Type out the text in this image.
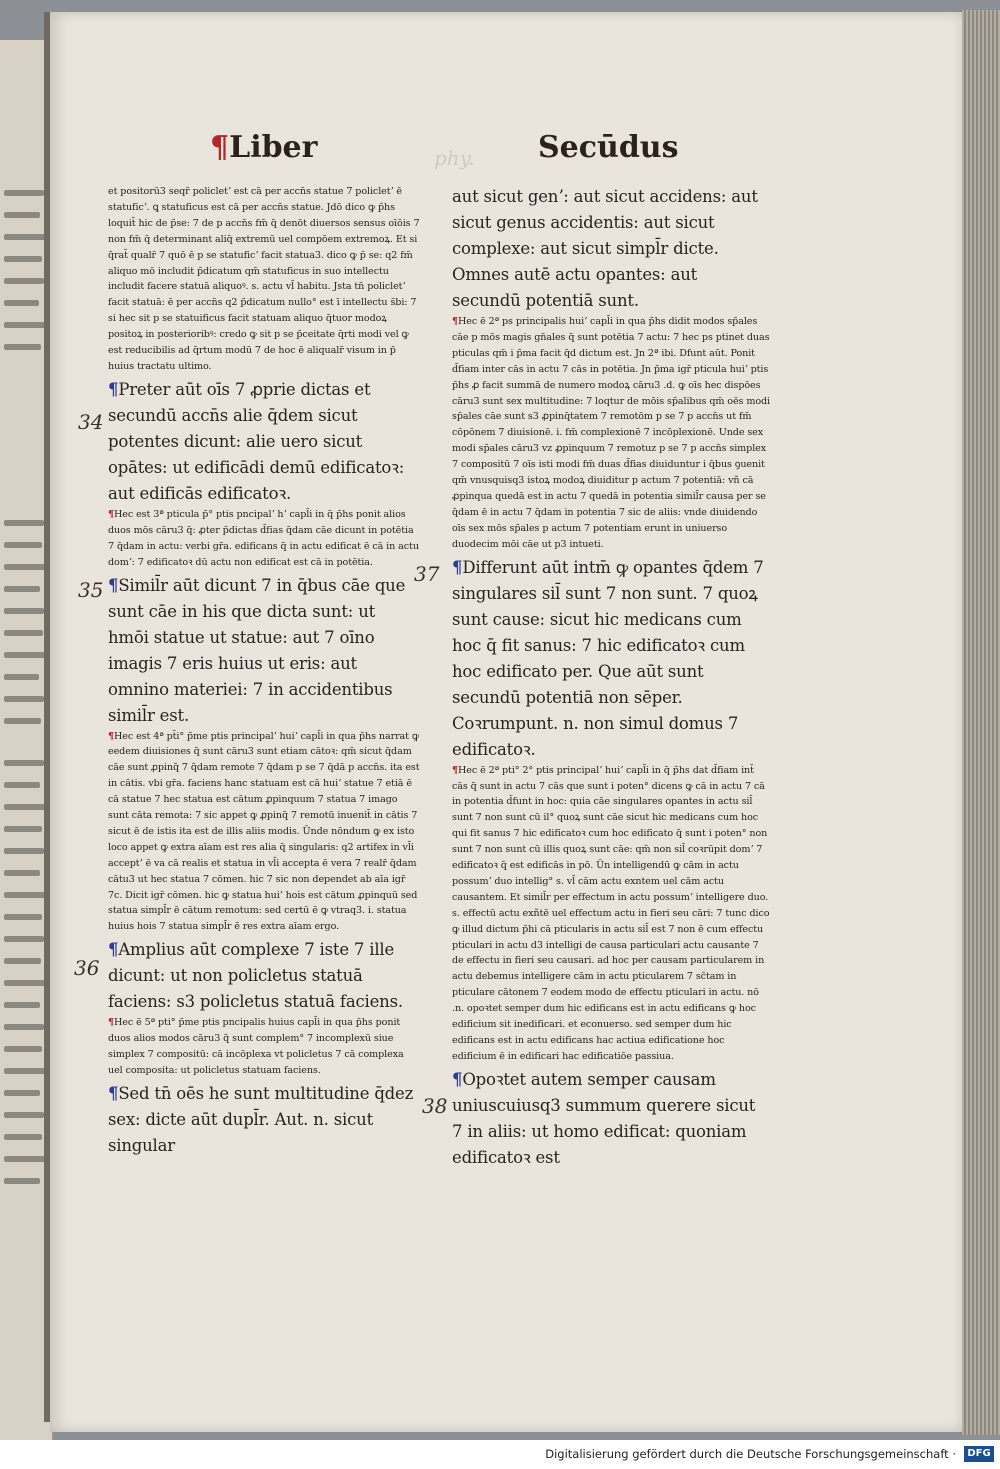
¶Liber	phy. Secūdus
34
35
36
37
38

et positorū3 seqr̄ policletʼ est cā per accn̄s statue 7 policletʼ ē statuficʼ. ꝗ statuficus est cā per accn̄s statue. Jdō dico ꝙ p̄hs loquit̄ hic de p̄se: 7 de p accn̄s fm̄ q̄ denōt diuersos sensus oīōis 7 non fm̄ q̄ determinant aliq̄ extremū uel compōem extremoꝝ. Et si q̄rat̄ qualr̄ 7 quō ē p se statuficʼ facit statua3. dico ꝙ p̄ se: q2 fm̄ aliquo mō includit p̄dicatum qm̄ statuficus in suo intellectu includit facere statuā aliquoꝰ. s. actu vl̄ habitu. Jsta tn̄ policletʼ facit statuā: ē per accn̄s q2 p̄dicatum nullo° est ī intellectu s̄bi: 7 si hec sit p se statuificus facit statuam aliquo q̄tuor modoꝝ positoꝝ in posterioribꝰ: credo ꝙ sit p se p̄ceitate q̄rti modi vel ꝙ est reducibilis ad q̄rtum modū 7 de hoc ē aliqualr̄ visum in p̄ huius tractatu ultimo.

¶Preter aūt oīs 7 ꝓprie dictas et secundū accn̄s alie q̄dem sicut potentes dicunt: alie uero sicut opātes: ut edificādi demū edificatoꝛ: aut edificās edificatoꝛ.

¶Hec est 3ª pticula p̄° ptis pncipalʼ hʼ capl̄i in q̄ p̄hs ponit alios duos mōs cāru3 q̄: ꝓter p̄dictas d̄fias q̄dam cāe dicunt in potētia 7 q̄dam in actu: verbi gr̄a. edificans q̄ in actu edificat ē cā in actu domʼ: 7 edificatoꝛ dū actu non edificat est cā in potētia.

¶Simil̄r aūt dicunt 7 in q̄bus cāe que sunt cāe in his que dicta sunt: ut hmōi statue ut statue: aut 7 oīno imagis 7 eris huius ut eris: aut omnino materiei: 7 in accidentibus simil̄r est.

¶Hec est 4ª pt̄i° p̄me ptis principalʼ huiʼ capl̄i in qua p̄hs narrat ꝙ eedem diuisiones q̄ sunt cāru3 sunt etiam cātoꝛ: qm̄ sicut q̄dam cāe sunt ꝓpinq̄ 7 q̄dam remote 7 q̄dam p se 7 q̄dā p accn̄s. ita est in cātis. vbi gr̄a. faciens hanc statuam est cā huiʼ statue 7 etiā ē cā statue 7 hec statua est cātum ꝓpinquum 7 statua 7 imago sunt cāta remota: 7 sic appet ꝙ ꝓpinq̄ 7 remotū inuenit̄ in cātis 7 sicut ē de istis ita est de illis aliis modis. Ūnde nōndum ꝙ ex isto loco appet ꝙ extra aīam est res alia q̄ singularis: q2 artifex in vl̄i acceptʼ ē va cā realis et statua in vl̄i accepta ē vera 7 realr̄ q̄dam cātu3 ut hec statua 7 cōmen. hic 7 sic non dependet ab aīa igr̄ 7c. Dicit igr̄ cōmen. hic ꝙ statua huiʼ hois est cātum ꝓpinquū sed statua simpl̄r ē cātum remotum: sed certū ē ꝙ vtraq3. i. statua huius hois 7 statua simpl̄r ē res extra aīam ergo.

¶Amplius aūt complexe 7 iste 7 ille dicunt: ut non policletus statuā faciens: s3 policletus statuā faciens.

¶Hec ē 5ª pti° p̄me ptis pncipalis huius capl̄i in qua p̄hs ponit duos alios modos cāru3 q̄ sunt complem° 7 incomplexū siue simplex 7 compositū: cā incōplexa vt policletus 7 cā complexa uel composita: ut policletus statuam faciens.

¶Sed tn̄ oēs he sunt multitudine q̄dez sex: dicte aūt dupl̄r. Aut. n. sicut singular

aut sicut genʼ: aut sicut accidens: aut sicut genus accidentis: aut sicut complexe: aut sicut simpl̄r dicte. Omnes autē actu opantes: aut secundū potentiā sunt.

¶Hec ē 2ª ps principalis huiʼ capl̄i in qua p̄hs didit modos sp̄ales cāe p mōs magis gn̄ales q̄ sunt potētia 7 actu: 7 hec ps ptinet duas pticulas qm̄ i p̄ma facit q̄d dictum est. Jn 2ª ibi. Dfunt aūt. Ponit d̄fiam inter cās in actu 7 cās in potētia. Jn p̄ma igr̄ pticula huiʼ ptis p̄hs ꝓ facit summā de numero modoꝝ cāru3 .d. ꝙ oīs hec dispōes cāru3 sunt sex multitudine: 7 loqtur de mōis sp̄alibus qm̄ oēs modi sp̄ales cāe sunt s3 ꝓpinq̄tatem 7 remotōm p se 7 p accn̄s ut fm̄ cōpōnem 7 diuisionē. i. fm̄ complexionē 7 incōplexionē. Unde sex modi sp̄ales cāru3 vz ꝓpinquum 7 remotuz p se 7 p accn̄s simplex 7 compositū 7 oīs isti modi fm̄ duas d̄fias diuiduntur i q̄bus ꝯuenit qm̄ vnusquisq3 istoꝝ modoꝝ diuiditur p actum 7 potentiā: vñ cā ꝓpinqua quedā est in actu 7 quedā in potentia simil̄r causa per se q̄dam ē in actu 7 q̄dam in potentia 7 sic de aliis: vnde diuidendo oīs sex mōs sp̄ales p actum 7 potentiam erunt in uniuerso duodecim mōi cāe ut p3 intueti.

¶Differunt aūt intm̄ ꝙ opantes q̄dem 7 singulares sil̄ sunt 7 non sunt. 7 quoꝝ sunt cause: sicut hic medicans cum hoc q̄ fit sanus: 7 hic edificatoꝛ cum hoc edificato per. Que aūt sunt secundū potentiā non sēper. Coꝛrumpunt. n. non simul domus 7 edificatoꝛ.

¶Hec ē 2ª pti° 2° ptis principalʼ huiʼ capl̄i in q̄ p̄hs dat d̄fiam int̄ cās q̄ sunt in actu 7 cās que sunt i poten° dicens ꝙ cā in actu 7 cā in potentia d̄funt in hoc: quia cāe singulares opantes in actu sil̄ sunt 7 non sunt cū il° quoꝝ sunt cāe sicut hic medicans cum hoc qui fit sanus 7 hic edificatoꝛ cum hoc edificato q̄ sunt i poten° non sunt 7 non sunt cū illis quoꝝ sunt cāe: qm̄ non sil̄ coꝛrūpit domʼ 7 edificatoꝛ q̄ est edificās in pō. Ūn intelligendū ꝙ cām in actu possumʼ duo intellig° s. vl̄ cām actu exntem uel cām actu causantem. Et simil̄r per effectum in actu possumʼ intelligere duo. s. effectū actu exñtē uel effectum actu in fieri seu cāri: 7 tunc dico ꝙ illud dictum p̄hi cā pticularis in actu sil̄ est 7 non ē cum effectu pticulari in actu d3 intelligi de causa particulari actu causante 7 de effectu in fieri seu causari. ad hoc per causam particularem in actu debemus intelligere cām in actu pticularem 7 sc̄tam in pticulare cātonem 7 eodem modo de effectu pticulari in actu. nō .n. opoꝛtet semper dum hic edificans est in actu edificans ꝙ hoc edificium sit inedificari. et econuerso. sed semper dum hic edificans est in actu edificans hac actiua edificatione hoc edificium ē in edificari hac edificatiōe passiua.

¶Opoꝛtet autem semper causam uniuscuiusq3 summum querere sicut 7 in aliis: ut homo edificat: quoniam edificatoꝛ est

Digitalisierung gefördert durch die Deutsche Forschungsgemeinschaft ·	DFG
